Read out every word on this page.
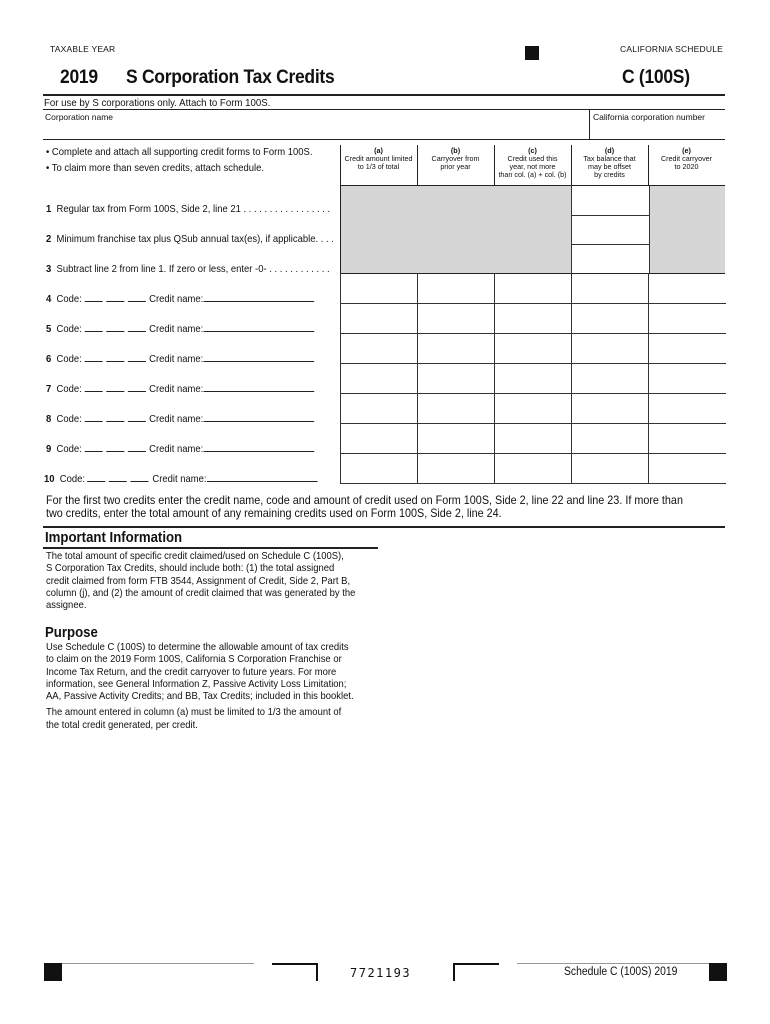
TAXABLE YEAR	CALIFORNIA SCHEDULE
2019 S Corporation Tax Credits	C (100S)
For use by S corporations only. Attach to Form 100S.
Corporation name	California corporation number
• Complete and attach all supporting credit forms to Form 100S.
• To claim more than seven credits, attach schedule.
(a)
Credit amount limited
to 1/3 of total
(b)
Carryover from
prior year
(c)
Credit used this
year, not more
than col. (a) + col. (b)
(d)
Tax balance that
may be offset
by credits
(e)
Credit carryover
to 2020
1 Regular tax from Form 100S, Side 2, line 21 . . . . . . . . . . . . . . . . .
2 Minimum franchise tax plus QSub annual tax(es), if applicable. . . .
3 Subtract line 2 from line 1. If zero or less, enter -0- . . . . . . . . . . . .
4 Code:	Credit name:
5 Code:	Credit name:
6 Code:	Credit name:
7 Code:	Credit name:
8 Code:	Credit name:
9 Code:	Credit name:
10 Code:	Credit name:
For the first two credits enter the credit name, code and amount of credit used on Form 100S, Side 2, line 22 and line 23. If more than
two credits, enter the total amount of any remaining credits used on Form 100S, Side 2, line 24.
Important Information
The total amount of specific credit claimed/used on Schedule C (100S),
S Corporation Tax Credits, should include both: (1) the total assigned
credit claimed from form FTB 3544, Assignment of Credit, Side 2, Part B,
column (j), and (2) the amount of credit claimed that was generated by the
assignee.
Purpose
Use Schedule C (100S) to determine the allowable amount of tax credits
to claim on the 2019 Form 100S, California S Corporation Franchise or
Income Tax Return, and the credit carryover to future years. For more
information, see General Information Z, Passive Activity Loss Limitation;
AA, Passive Activity Credits; and BB, Tax Credits; included in this booklet.
The amount entered in column (a) must be limited to 1/3 the amount of
the total credit generated, per credit.
7721193	Schedule C (100S) 2019
